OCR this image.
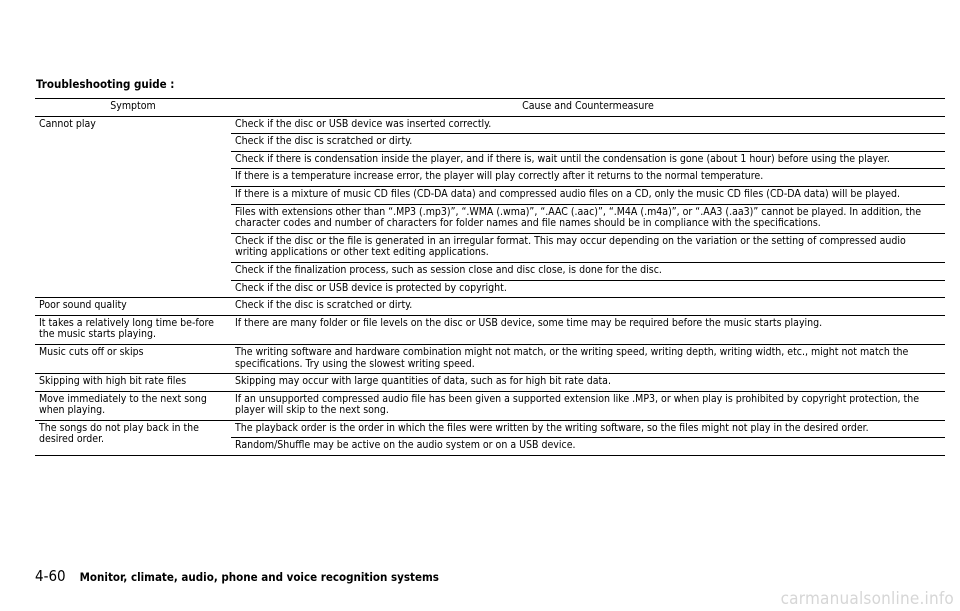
Troubleshooting guide :
Symptom	Cause and Countermeasure
Cannot play	Check if the disc or USB device was inserted correctly.
	Check if the disc is scratched or dirty.
	Check if there is condensation inside the player, and if there is, wait until the condensation is gone (about 1 hour) before using the player.
	If there is a temperature increase error, the player will play correctly after it returns to the normal temperature.
	If there is a mixture of music CD files (CD-DA data) and compressed audio files on a CD, only the music CD files (CD-DA data) will be played.
	Files with extensions other than “.MP3 (.mp3)”, “.WMA (.wma)”, “.AAC (.aac)”, “.M4A (.m4a)”, or “.AA3 (.aa3)” cannot be played. In addition, the character codes and number of characters for folder names and file names should be in compliance with the specifications.
	Check if the disc or the file is generated in an irregular format. This may occur depending on the variation or the setting of compressed audio writing applications or other text editing applications.
	Check if the finalization process, such as session close and disc close, is done for the disc.
	Check if the disc or USB device is protected by copyright.
Poor sound quality	Check if the disc is scratched or dirty.
It takes a relatively long time be-fore the music starts playing.	If there are many folder or file levels on the disc or USB device, some time may be required before the music starts playing.
Music cuts off or skips	The writing software and hardware combination might not match, or the writing speed, writing depth, writing width, etc., might not match the specifications. Try using the slowest writing speed.
Skipping with high bit rate files	Skipping may occur with large quantities of data, such as for high bit rate data.
Move immediately to the next song when playing.	If an unsupported compressed audio file has been given a supported extension like .MP3, or when play is prohibited by copyright protection, the player will skip to the next song.
The songs do not play back in the desired order.	The playback order is the order in which the files were written by the writing software, so the files might not play in the desired order.
	Random/Shuffle may be active on the audio system or on a USB device.
4-60 Monitor, climate, audio, phone and voice recognition systems
carmanualsonline.info
